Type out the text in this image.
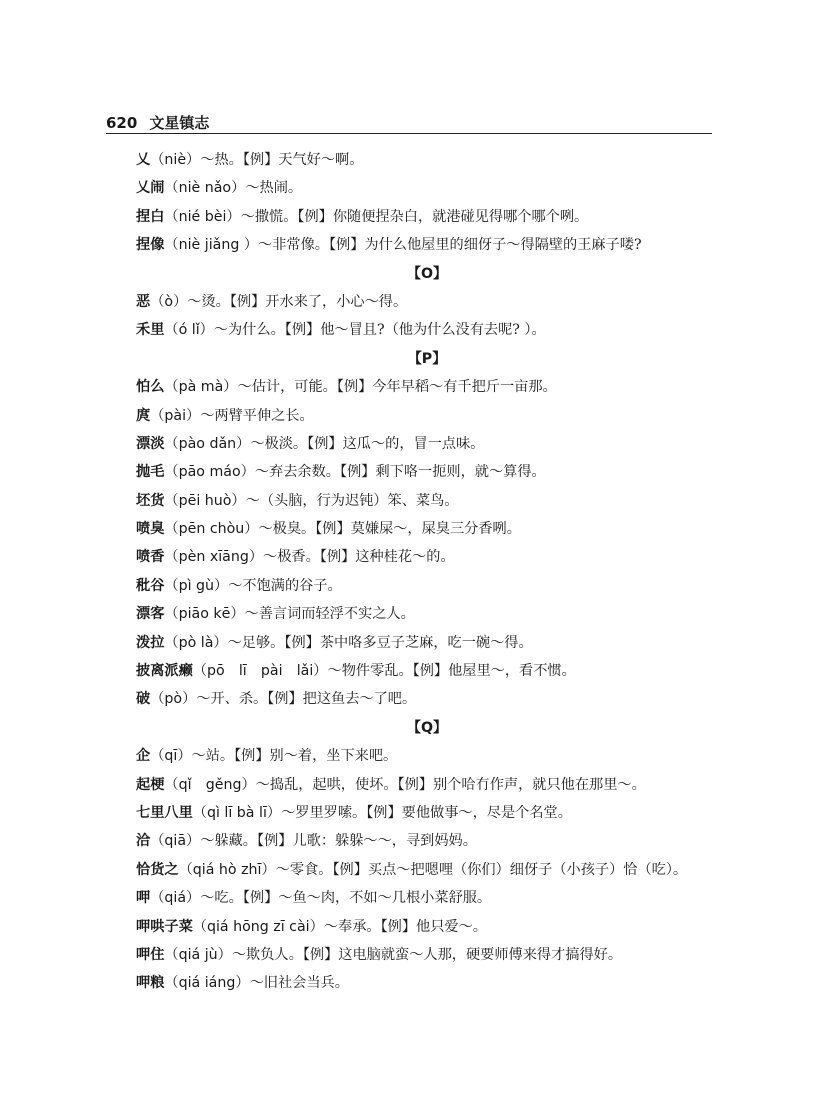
620 文星镇志
乂（niè）～热。【例】天气好～啊。
乂闹（niè nǎo）～热闹。
捏白（nié bèi）～撒慌。【例】你随便捏杂白，就港碰见得哪个哪个咧。
捏像（niè jiǎng ）～非常像。【例】为什么他屋里的细伢子～得隔壁的王麻子喽?
【O】
恶（ò）～烫。【例】开水来了，小心～得。
禾里（ó lǐ）～为什么。【例】他～冒且?（他为什么没有去呢? ）。
【P】
怕么（pà mà）～估计，可能。【例】今年早稻～有千把斤一亩那。
庹（pài）～两臂平伸之长。
漂淡（pào dǎn）～极淡。【例】这瓜～的，冒一点味。
抛毛（pāo máo）～弃去余数。【例】剩下咯一扼则，就～算得。
坯货（pēi huò）～（头脑，行为迟钝）笨、菜鸟。
喷臭（pēn chòu）～极臭。【例】莫嫌屎～，屎臭三分香咧。
喷香（pèn xīāng）～极香。【例】这种桂花～的。
秕谷（pì gù）～不饱满的谷子。
漂客（piāo kē）～善言词而轻浮不实之人。
泼拉（pò là）～足够。【例】茶中咯多豆子芝麻，吃一碗～得。
披离派癞（pō　lī　pài　lǎi）～物件零乱。【例】他屋里～，看不惯。
破（pò）～开、杀。【例】把这鱼去～了吧。
【Q】
企（qī）～站。【例】别～着，坐下来吧。
起梗（qǐ　gěng）～捣乱，起哄，使坏。【例】别个哈冇作声，就只他在那里～。
七里八里（qì lī bà lī）～罗里罗嗦。【例】要他做事～，尽是个名堂。
洽（qiā）～躲藏。【例】儿歌：躲躲～～，寻到妈妈。
恰货之（qiá hò zhī）～零食。【例】买点～把嗯哩（你们）细伢子（小孩子）恰（吃）。
呷（qiá）～吃。【例】～鱼～肉，不如～几根小菜舒服。
呷哄子菜（qiá hōng zī cài）～奉承。【例】他只爱～。
呷住（qiá jù）～欺负人。【例】这电脑就蛮～人那，硬要师傅来得才搞得好。
呷粮（qiá iáng）～旧社会当兵。
